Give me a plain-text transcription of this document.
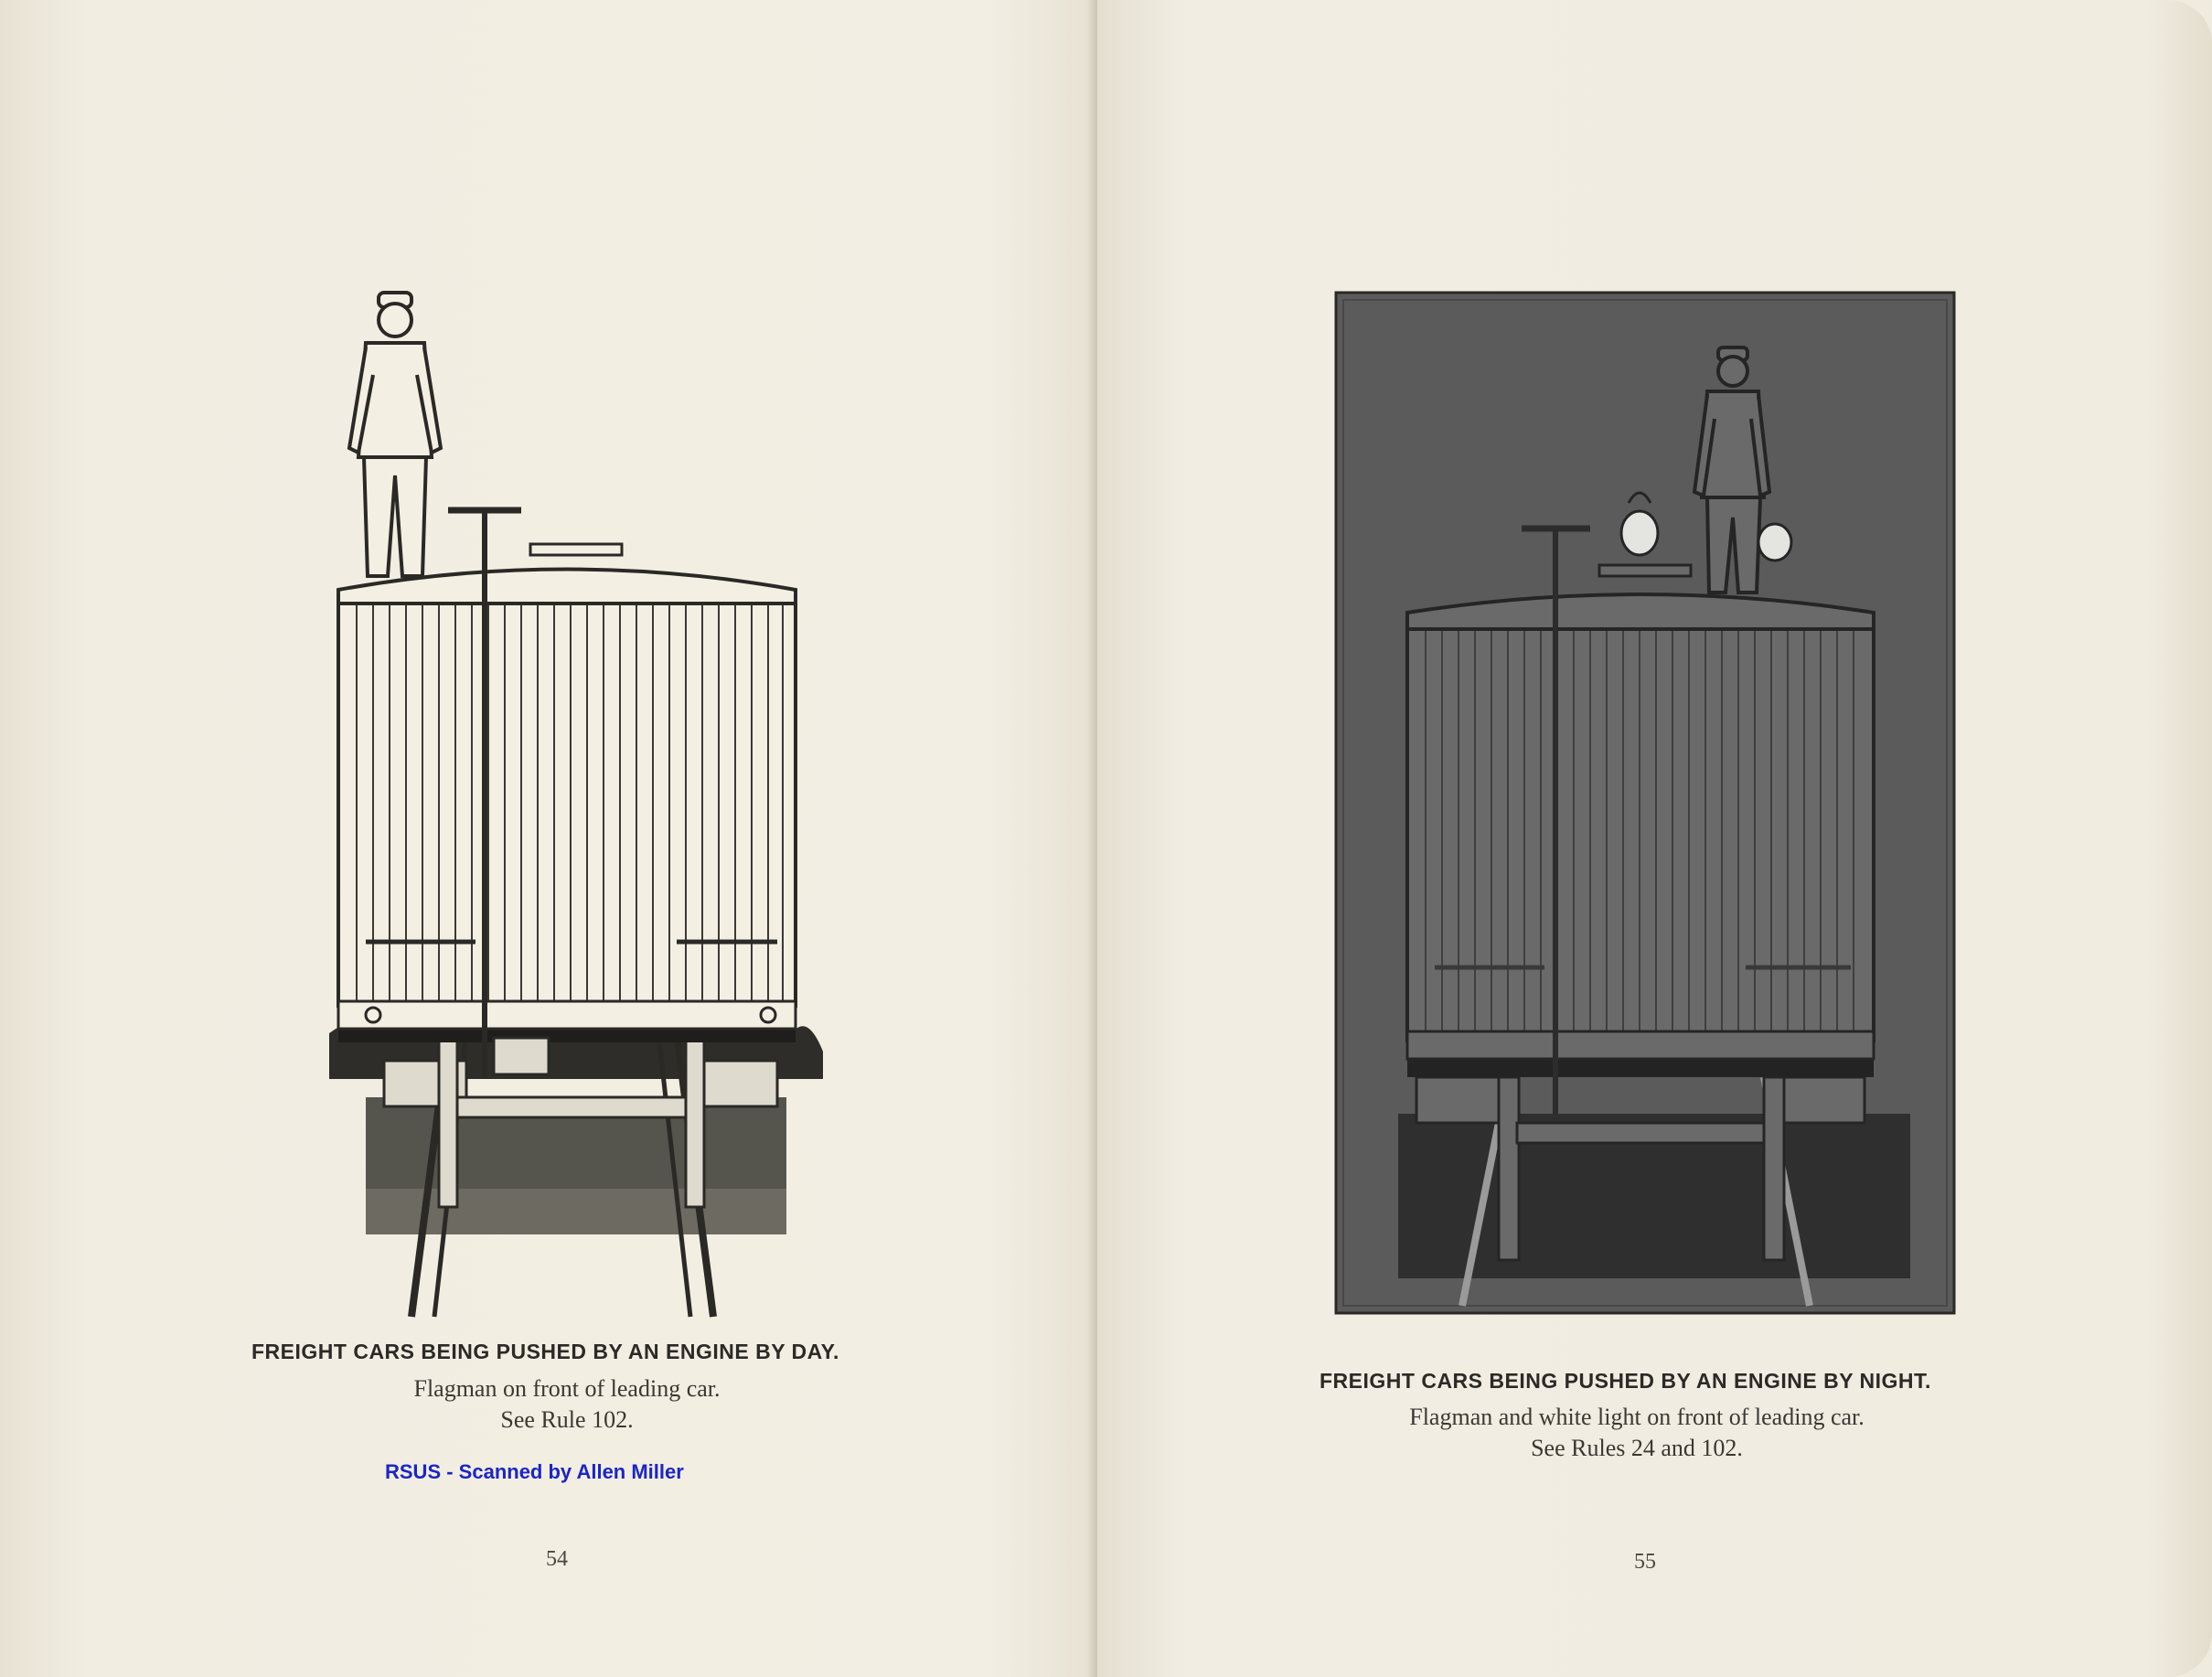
FREIGHT CARS BEING PUSHED BY AN ENGINE BY DAY.
Flagman on front of leading car.
See Rule 102.
RSUS - Scanned by Allen Miller
54
FREIGHT CARS BEING PUSHED BY AN ENGINE BY NIGHT.
Flagman and white light on front of leading car.
See Rules 24 and 102.
55
